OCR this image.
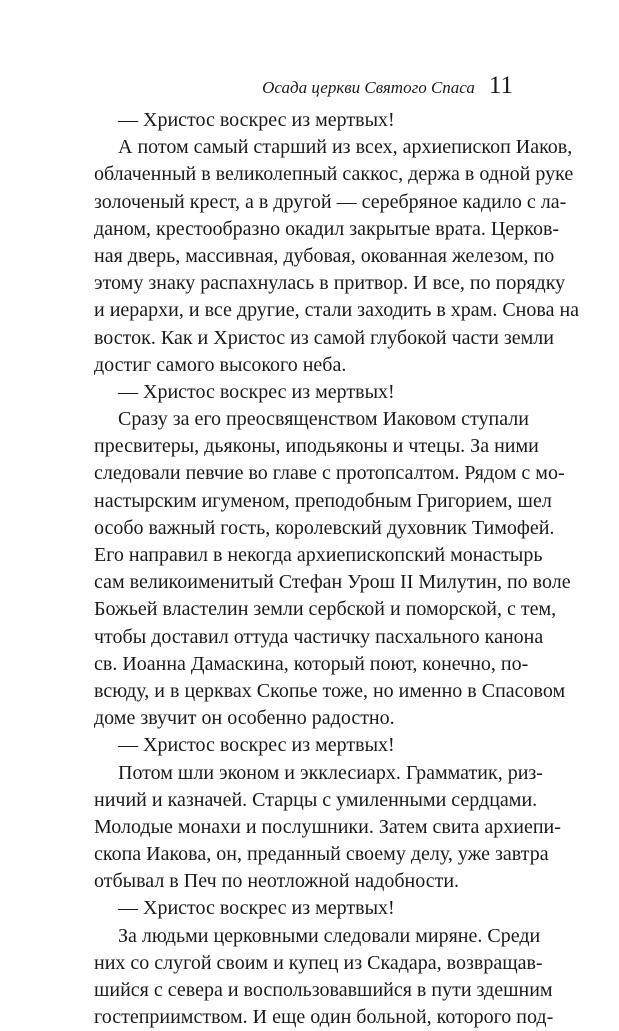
Осада церкви Святого Спаса 11
— Христос воскрес из мертвых!
А потом самый старший из всех, архиепископ Иаков,
облаченный в великолепный саккос, держа в одной руке
золоченый крест, а в другой — серебряное кадило с ла-
даном, крестообразно окадил закрытые врата. Церков-
ная дверь, массивная, дубовая, окованная железом, по
этому знаку распахнулась в притвор. И все, по порядку
и иерархи, и все другие, стали заходить в храм. Снова на
восток. Как и Христос из самой глубокой части земли
достиг самого высокого неба.
— Христос воскрес из мертвых!
Сразу за его преосвященством Иаковом ступали
пресвитеры, дьяконы, иподьяконы и чтецы. За ними
следовали певчие во главе с протопсалтом. Рядом с мо-
настырским игуменом, преподобным Григорием, шел
особо важный гость, королевский духовник Тимофей.
Его направил в некогда архиепископский монастырь
сам великоименитый Стефан Урош II Милутин, по воле
Божьей властелин земли сербской и поморской, с тем,
чтобы доставил оттуда частичку пасхального канона
св. Иоанна Дамаскина, который поют, конечно, по-
всюду, и в церквах Скопье тоже, но именно в Спасовом
доме звучит он особенно радостно.
— Христос воскрес из мертвых!
Потом шли эконом и экклесиарх. Грамматик, риз-
ничий и казначей. Старцы с умиленными сердцами.
Молодые монахи и послушники. Затем свита архиепи-
скопа Иакова, он, преданный своему делу, уже завтра
отбывал в Печ по неотложной надобности.
— Христос воскрес из мертвых!
За людьми церковными следовали миряне. Среди
них со слугой своим и купец из Скадара, возвращав-
шийся с севера и воспользовавшийся в пути здешним
гостеприимством. И еще один больной, которого под-
